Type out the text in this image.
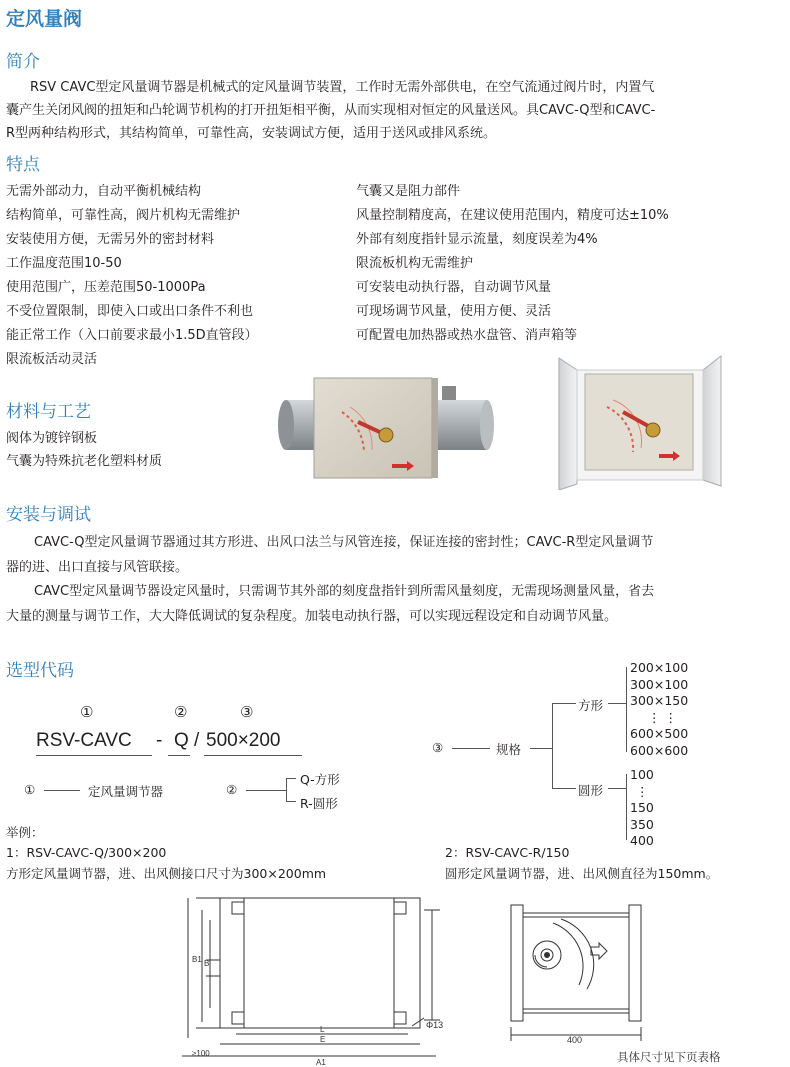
定风量阀
简介
RSV CAVC型定风量调节器是机械式的定风量调节装置，工作时无需外部供电，在空气流通过阀片时，内置气
囊产生关闭风阀的扭矩和凸轮调节机构的打开扭矩相平衡，从而实现相对恒定的风量送风。具CAVC-Q型和CAVC-
R型两种结构形式，其结构简单，可靠性高，安装调试方便，适用于送风或排风系统。
特点
无需外部动力，自动平衡机械结构
结构简单，可靠性高，阀片机构无需维护
安装使用方便，无需另外的密封材料
工作温度范围10-50
使用范围广，压差范围50-1000Pa
不受位置限制，即使入口或出口条件不利也
能正常工作（入口前要求最小1.5D直管段）
限流板活动灵活
气囊又是阻力部件
风量控制精度高，在建议使用范围内，精度可达±10%
外部有刻度指针显示流量，刻度误差为4%
限流板机构无需维护
可安装电动执行器，自动调节风量
可现场调节风量，使用方便、灵活
可配置电加热器或热水盘管、消声箱等
材料与工艺
阀体为镀锌钢板
气囊为特殊抗老化塑料材质
安装与调试
CAVC-Q型定风量调节器通过其方形进、出风口法兰与风管连接，保证连接的密封性；CAVC-R型定风量调节
器的进、出口直接与风管联接。
CAVC型定风量调节器设定风量时，只需调节其外部的刻度盘指针到所需风量刻度，无需现场测量风量，省去
大量的测量与调节工作，大大降低调试的复杂程度。加装电动执行器，可以实现远程设定和自动调节风量。
选型代码
①	②	③
RSV-CAVC - Q / 500×200
①	定风量调节器	②
Q-方形
R-圆形
③	规格
方形
圆形
200×100
300×100
300×150
⋮ ⋮
600×500
600×600
100
⋮
150
350
400
举例：
1：RSV-CAVC-Q/300×200
方形定风量调节器，进、出风侧接口尺寸为300×200mm
2：RSV-CAVC-R/150
圆形定风量调节器，进、出风侧直径为150mm。
Φ13
≥100
L
E
A1
B1 B
400
具体尺寸见下页表格
